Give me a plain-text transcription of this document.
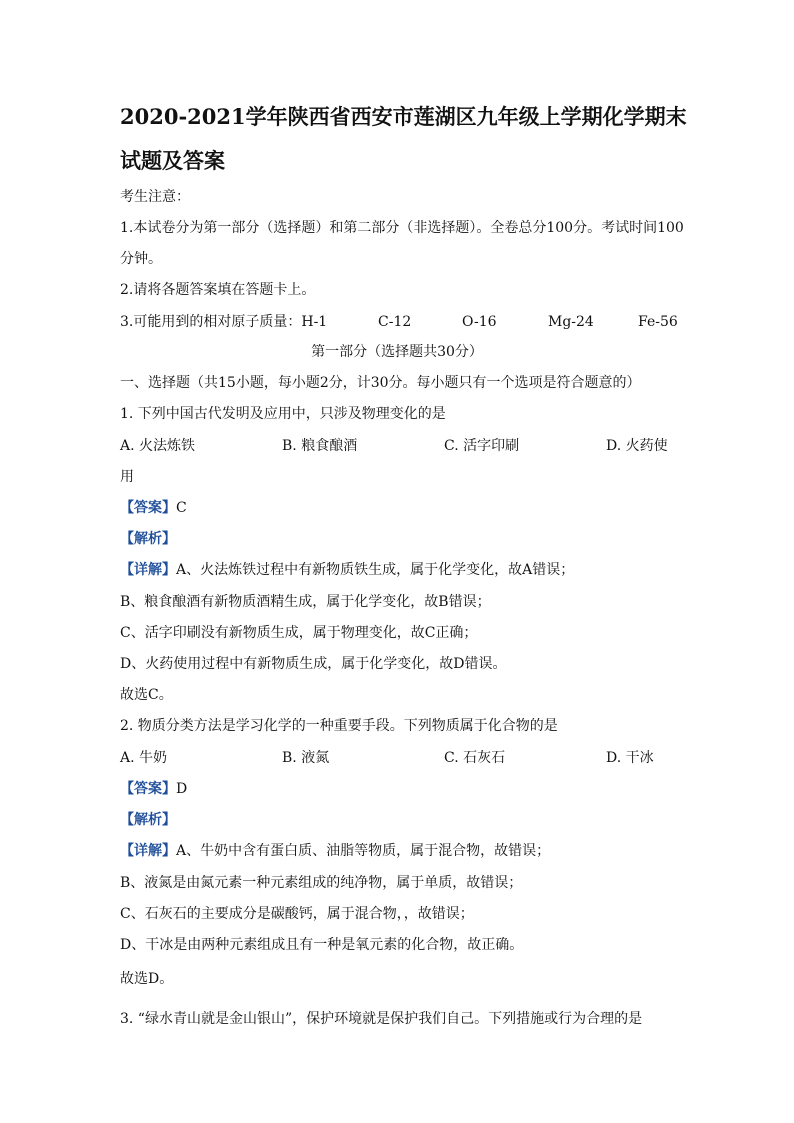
2020-2021学年陕西省西安市莲湖区九年级上学期化学期末
试题及答案
考生注意：
1.本试卷分为第一部分（选择题）和第二部分（非选择题）。全卷总分100分。考试时间100
分钟。
2.请将各题答案填在答题卡上。
3.可能用到的相对原子质量：H-1	C-12	O-16	Mg-24	Fe-56
第一部分（选择题共30分）
一、选择题（共15小题，每小题2分，计30分。每小题只有一个选项是符合题意的）
1. 下列中国古代发明及应用中，只涉及物理变化的是
A. 火法炼铁	B. 粮食酿酒	C. 活字印刷	D. 火药使
用
【答案】C
【解析】
【详解】A、火法炼铁过程中有新物质铁生成，属于化学变化，故A错误；
B、粮食酿酒有新物质酒精生成，属于化学变化，故B错误；
C、活字印刷没有新物质生成，属于物理变化，故C正确；
D、火药使用过程中有新物质生成，属于化学变化，故D错误。
故选C。
2. 物质分类方法是学习化学的一种重要手段。下列物质属于化合物的是
A. 牛奶	B. 液氮	C. 石灰石	D. 干冰
【答案】D
【解析】
【详解】A、牛奶中含有蛋白质、油脂等物质，属于混合物，故错误；
B、液氮是由氮元素一种元素组成的纯净物，属于单质，故错误；
C、石灰石的主要成分是碳酸钙，属于混合物，，故错误；
D、干冰是由两种元素组成且有一种是氧元素的化合物，故正确。
故选D。
3. “绿水青山就是金山银山”，保护环境就是保护我们自己。下列措施或行为合理的是
